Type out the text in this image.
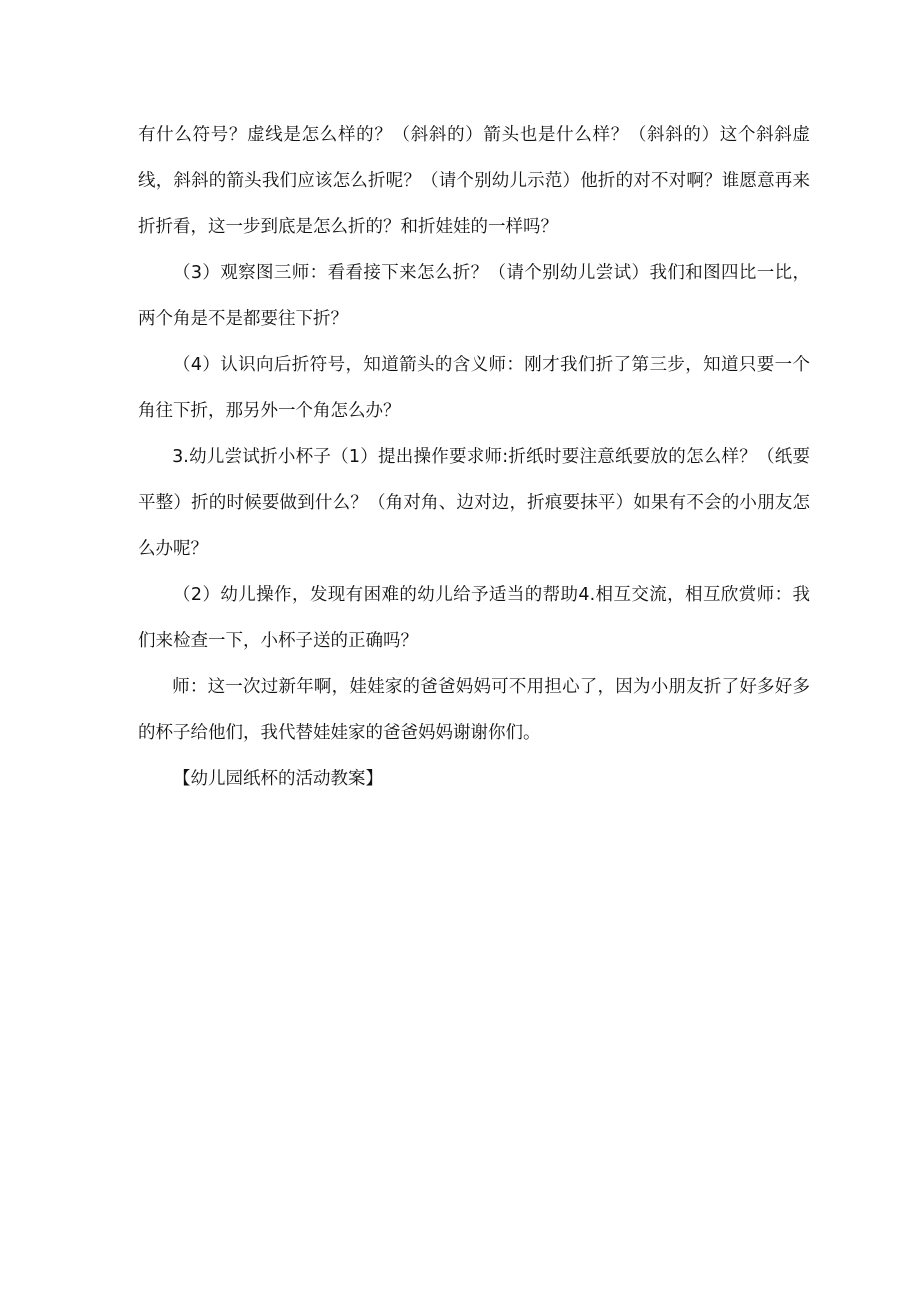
有什么符号？虚线是怎么样的？（斜斜的）箭头也是什么样？（斜斜的）这个斜斜虚线，斜斜的箭头我们应该怎么折呢？（请个别幼儿示范）他折的对不对啊？谁愿意再来折折看，这一步到底是怎么折的？和折娃娃的一样吗？

（3）观察图三师：看看接下来怎么折？（请个别幼儿尝试）我们和图四比一比，两个角是不是都要往下折？

（4）认识向后折符号，知道箭头的含义师：刚才我们折了第三步，知道只要一个角往下折，那另外一个角怎么办？

3.幼儿尝试折小杯子（1）提出操作要求师:折纸时要注意纸要放的怎么样？（纸要平整）折的时候要做到什么？（角对角、边对边，折痕要抹平）如果有不会的小朋友怎么办呢？

（2）幼儿操作，发现有困难的幼儿给予适当的帮助4.相互交流，相互欣赏师：我们来检查一下，小杯子送的正确吗？

师：这一次过新年啊，娃娃家的爸爸妈妈可不用担心了，因为小朋友折了好多好多的杯子给他们，我代替娃娃家的爸爸妈妈谢谢你们。

【幼儿园纸杯的活动教案】
